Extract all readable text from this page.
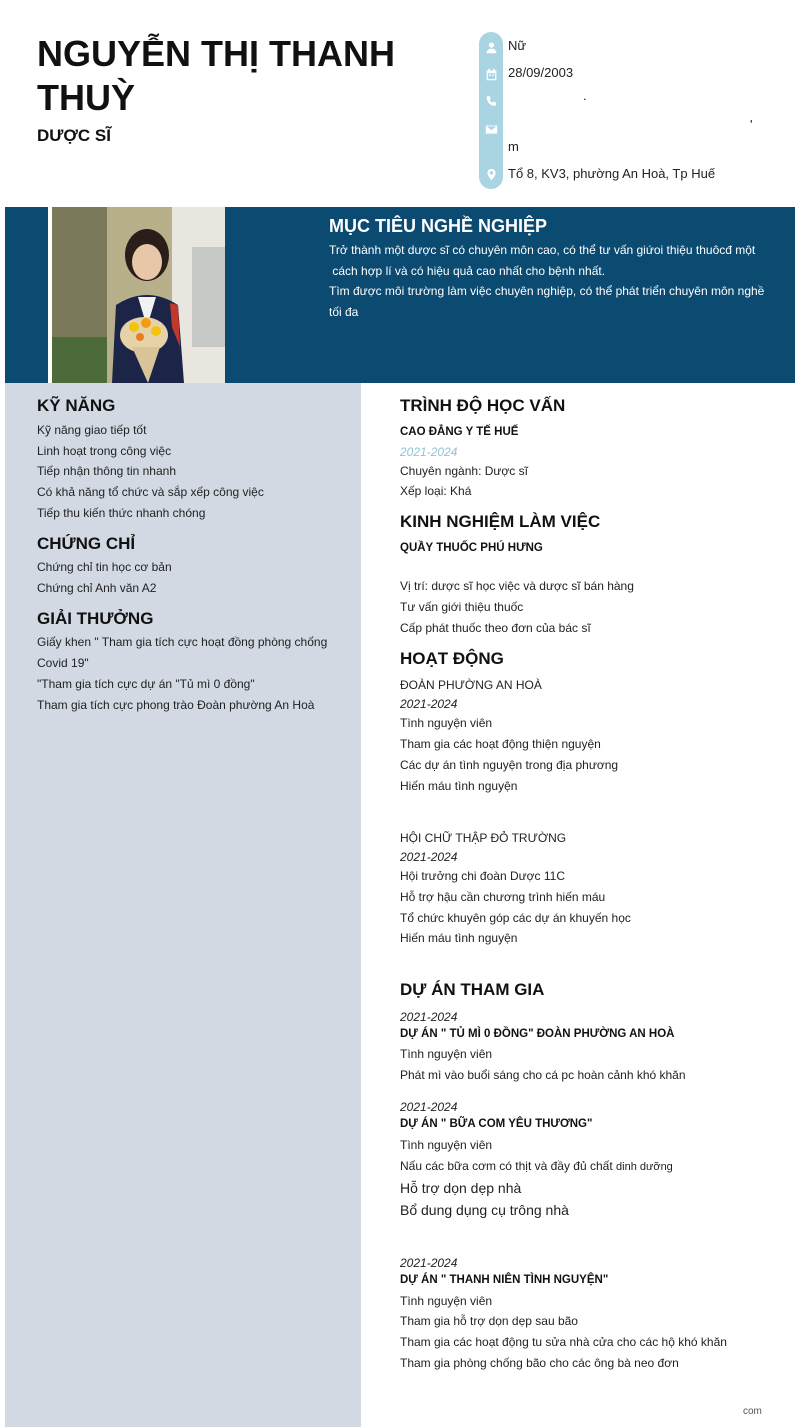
NGUYỄN THỊ THANH THUỲ
DƯỢC SĨ
Nữ
28/09/2003
.
'
m
Tổ 8, KV3, phường An Hoà, Tp Huế
MỤC TIÊU NGHỀ NGHIỆP
Trở thành một dược sĩ có chuyên môn cao, có thể tư vấn giứoi thiệu thuôcđ một
cách hợp lí và có hiệu quả cao nhất cho bệnh nhất.
Tìm được môi trường làm việc chuyên nghiệp, có thể phát triển chuyên môn nghề
tối đa
KỸ NĂNG
Kỹ năng giao tiếp tốt
Linh hoạt trong công việc
Tiếp nhận thông tin nhanh
Có khả năng tổ chức và sắp xếp công việc
Tiếp thu kiến thức nhanh chóng
CHỨNG CHỈ
Chứng chỉ tin học cơ bản
Chứng chỉ Anh văn A2
GIẢI THƯỞNG
Giấy khen " Tham gia tích cực hoạt đồng phòng chống
Covid 19"
"Tham gia tích cực dự án "Tủ mì 0 đồng"
Tham gia tích cực phong trào Đoàn phường An Hoà
TRÌNH ĐỘ HỌC VẤN
CAO ĐẲNG Y TẾ HUẾ
2021-2024
Chuyên ngành: Dược sĩ
Xếp loại: Khá
KINH NGHIỆM LÀM VIỆC
QUẦY THUỐC PHÚ HƯNG
Vị trí: dược sĩ học việc và dược sĩ bán hàng
Tư vấn giới thiệu thuốc
Cấp phát thuốc theo đơn của bác sĩ
HOẠT ĐỘNG
ĐOÀN PHƯỜNG AN HOÀ
2021-2024
Tình nguyện viên
Tham gia các hoạt động thiện nguyện
Các dự án tình nguyện trong địa phương
Hiến máu tình nguyện
HỘI CHỮ THẬP ĐỎ TRƯỜNG
2021-2024
Hội trưởng chi đoàn Dược 11C
Hỗ trợ hậu cần chương trình hiến máu
Tổ chức khuyên góp các dự án khuyến học
Hiến máu tình nguyện
DỰ ÁN THAM GIA
2021-2024
DỰ ÁN " TỦ MÌ 0 ĐỒNG" ĐOÀN PHƯỜNG AN HOÀ
Tình nguyện viên
Phát mì vào buổi sáng cho cá pc hoàn cảnh khó khăn
2021-2024
DỰ ÁN " BỮA COM YÊU THƯƠNG"
Tình nguyện viên
Nấu các bữa cơm có thịt và đầy đủ chất dinh dưỡng
Hỗ trợ dọn dẹp nhà
Bổ dung dụng cụ trông nhà
2021-2024
DỰ ÁN " THANH NIÊN TÌNH NGUYỆN"
Tình nguyện viên
Tham gia hỗ trợ dọn dẹp sau bão
Tham gia các hoạt động tu sửa nhà cửa cho các hộ khó khăn
Tham gia phòng chống bão cho các ông bà neo đơn
com
